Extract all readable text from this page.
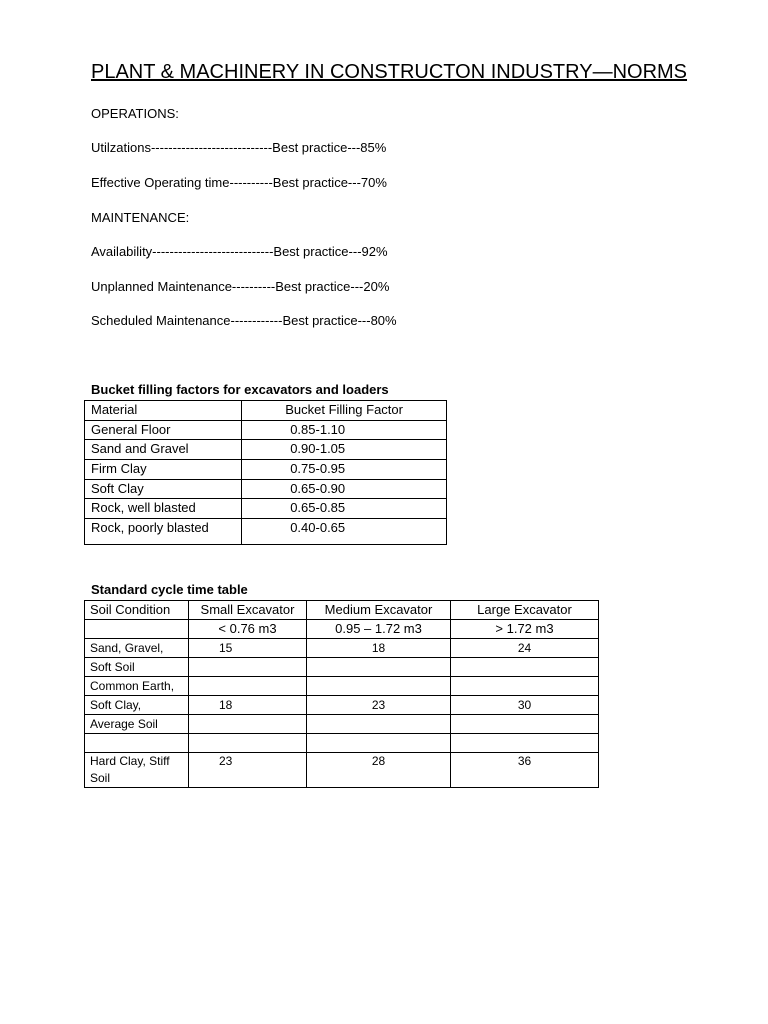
PLANT & MACHINERY IN CONSTRUCTON INDUSTRY—NORMS
OPERATIONS:
Utilzations----------------------------Best practice---85%
Effective Operating time----------Best practice---70%
MAINTENANCE:
Availability----------------------------Best practice---92%
Unplanned Maintenance----------Best practice---20%
Scheduled Maintenance------------Best practice---80%
Bucket filling factors for excavators and loaders
Material	Bucket Filling Factor
General Floor	0.85-1.10
Sand and Gravel	0.90-1.05
Firm Clay	0.75-0.95
Soft Clay	0.65-0.90
Rock, well blasted	0.65-0.85
Rock, poorly blasted	0.40-0.65
Standard cycle time table
Soil Condition	Small Excavator	Medium Excavator	Large Excavator
	< 0.76 m3	0.95 – 1.72 m3	> 1.72 m3
Sand, Gravel,	15	18	24
Soft Soil			
Common Earth,			
Soft Clay,	18	23	30
Average Soil			

Hard Clay, Stiff Soil	23	28	36
